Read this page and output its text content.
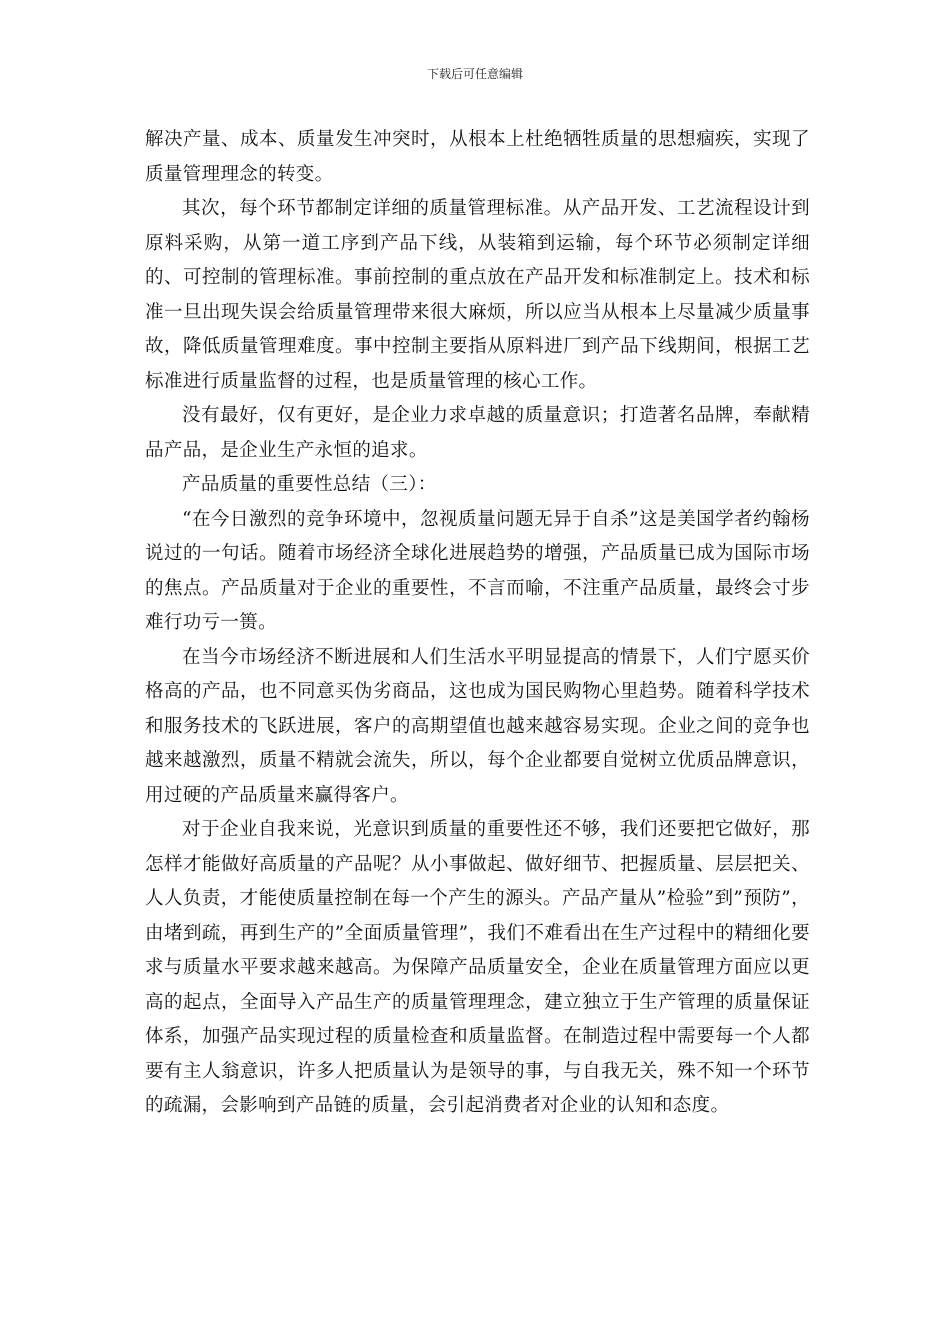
下载后可任意编辑

解决产量、成本、质量发生冲突时，从根本上杜绝牺牲质量的思想痼疾，实现了质量管理理念的转变。

其次，每个环节都制定详细的质量管理标准。从产品开发、工艺流程设计到原料采购，从第一道工序到产品下线，从装箱到运输，每个环节必须制定详细的、可控制的管理标准。事前控制的重点放在产品开发和标准制定上。技术和标准一旦出现失误会给质量管理带来很大麻烦，所以应当从根本上尽量减少质量事故，降低质量管理难度。事中控制主要指从原料进厂到产品下线期间，根据工艺标准进行质量监督的过程，也是质量管理的核心工作。

没有最好，仅有更好，是企业力求卓越的质量意识；打造著名品牌，奉献精品产品，是企业生产永恒的追求。

产品质量的重要性总结（三）：

“在今日激烈的竞争环境中，忽视质量问题无异于自杀”这是美国学者约翰杨说过的一句话。随着市场经济全球化进展趋势的增强，产品质量已成为国际市场的焦点。产品质量对于企业的重要性，不言而喻，不注重产品质量，最终会寸步难行功亏一篑。

在当今市场经济不断进展和人们生活水平明显提高的情景下，人们宁愿买价格高的产品，也不同意买伪劣商品，这也成为国民购物心里趋势。随着科学技术和服务技术的飞跃进展，客户的高期望值也越来越容易实现。企业之间的竞争也越来越激烈，质量不精就会流失，所以，每个企业都要自觉树立优质品牌意识，用过硬的产品质量来赢得客户。

对于企业自我来说，光意识到质量的重要性还不够，我们还要把它做好，那怎样才能做好高质量的产品呢？从小事做起、做好细节、把握质量、层层把关、人人负责，才能使质量控制在每一个产生的源头。产品产量从”检验”到”预防”，由堵到疏，再到生产的”全面质量管理”，我们不难看出在生产过程中的精细化要求与质量水平要求越来越高。为保障产品质量安全，企业在质量管理方面应以更高的起点，全面导入产品生产的质量管理理念，建立独立于生产管理的质量保证体系，加强产品实现过程的质量检查和质量监督。在制造过程中需要每一个人都要有主人翁意识，许多人把质量认为是领导的事，与自我无关，殊不知一个环节的疏漏，会影响到产品链的质量，会引起消费者对企业的认知和态度。
